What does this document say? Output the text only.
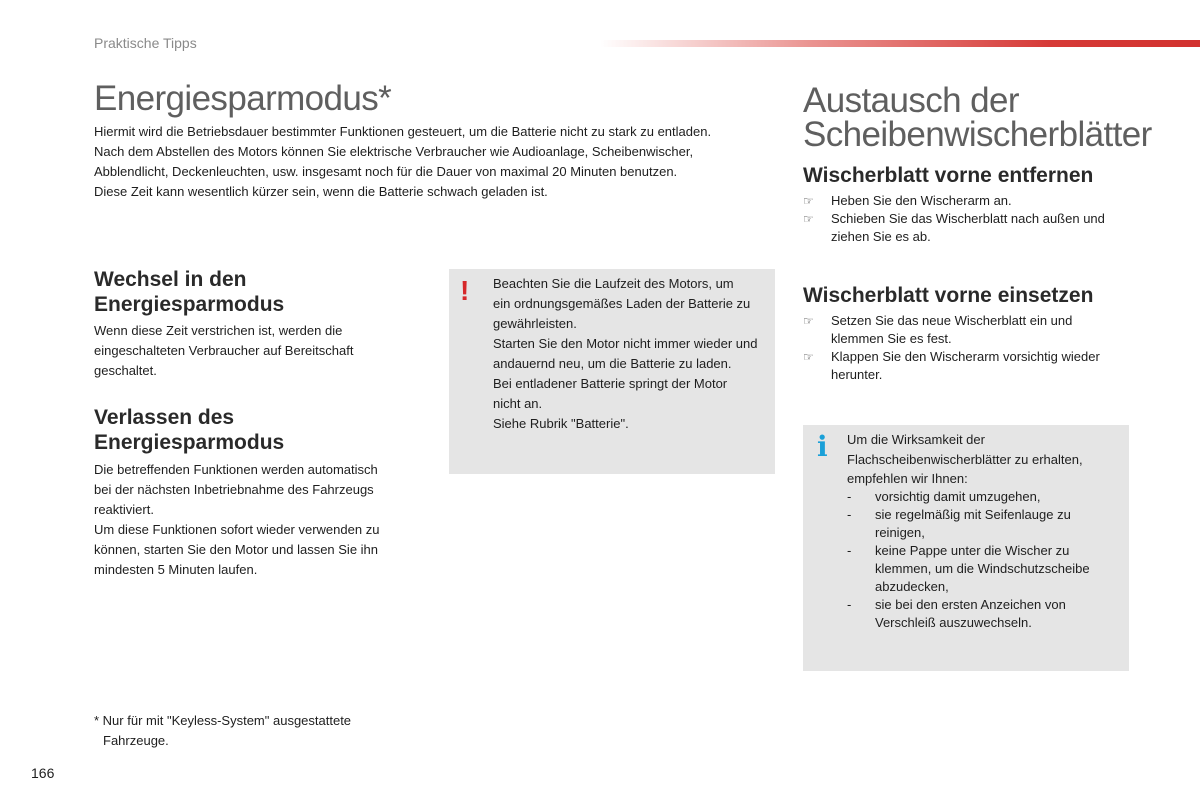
Praktische Tipps
Energiesparmodus*

Hiermit wird die Betriebsdauer bestimmter Funktionen gesteuert, um die Batterie nicht zu stark zu entladen.

Nach dem Abstellen des Motors können Sie elektrische Verbraucher wie Audioanlage, Scheibenwischer,

Abblendlicht, Deckenleuchten, usw. insgesamt noch für die Dauer von maximal 20 Minuten benutzen.

Diese Zeit kann wesentlich kürzer sein, wenn die Batterie schwach geladen ist.

Wechsel in den
Energiesparmodus

Wenn diese Zeit verstrichen ist, werden die

eingeschalteten Verbraucher auf Bereitschaft

geschaltet.

Verlassen des
Energiesparmodus

Die betreffenden Funktionen werden automatisch

bei der nächsten Inbetriebnahme des Fahrzeugs

reaktiviert.

Um diese Funktionen sofort wieder verwenden zu

können, starten Sie den Motor und lassen Sie ihn

mindesten 5 Minuten laufen.

! Beachten Sie die Laufzeit des Motors, um

ein ordnungsgemäßes Laden der Batterie zu

gewährleisten.

Starten Sie den Motor nicht immer wieder und

andauernd neu, um die Batterie zu laden.

Bei entladener Batterie springt der Motor

nicht an.

Siehe Rubrik "Batterie".

Austausch der
Scheibenwischerblätter
Wischerblatt vorne entfernen
☞	Heben Sie den Wischerarm an.
☞	Schieben Sie das Wischerblatt nach außen und
ziehen Sie es ab.
Wischerblatt vorne einsetzen
☞	Setzen Sie das neue Wischerblatt ein und
klemmen Sie es fest.
☞	Klappen Sie den Wischerarm vorsichtig wieder
herunter.
i Um die Wirksamkeit der

Flachscheibenwischerblätter zu erhalten,

empfehlen wir Ihnen:

-	vorsichtig damit umzugehen,
-	sie regelmäßig mit Seifenlauge zu
reinigen,
-	keine Pappe unter die Wischer zu
klemmen, um die Windschutzscheibe
abzudecken,
-	sie bei den ersten Anzeichen von
Verschleiß auszuwechseln.
* Nur für mit "Keyless-System" ausgestattete
Fahrzeuge.
166
